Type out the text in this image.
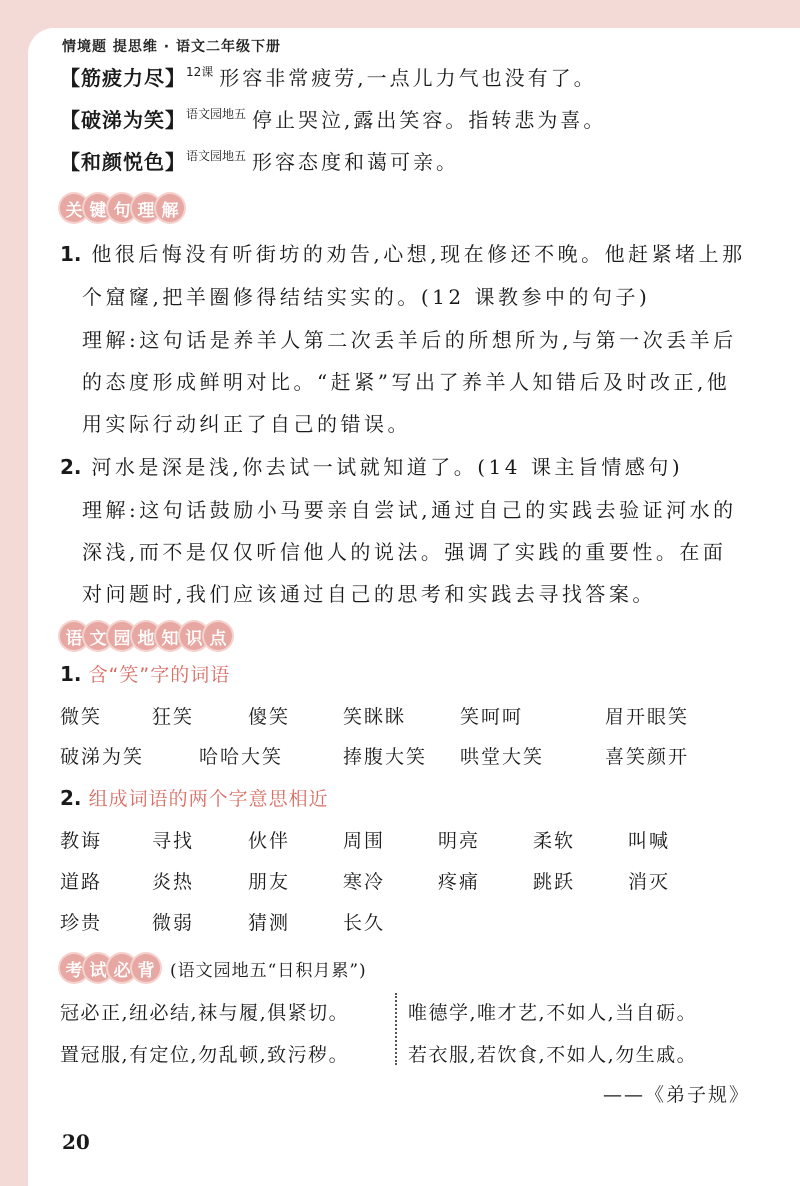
情境题 提思维 · 语文二年级下册
【筋疲力尽】$^{12课}$ 形容非常疲劳,一点儿力气也没有了。
【破涕为笑】$^{语文园地五}$ 停止哭泣,露出笑容。指转悲为喜。
【和颜悦色】$^{语文园地五}$ 形容态度和蔼可亲。
关 键 句 理 解
1. 他很后悔没有听街坊的劝告,心想,现在修还不晚。他赶紧堵上那
个窟窿,把羊圈修得结结实实的。(12 课教参中的句子)
理解:这句话是养羊人第二次丢羊后的所想所为,与第一次丢羊后
的态度形成鲜明对比。“赶紧”写出了养羊人知错后及时改正,他
用实际行动纠正了自己的错误。
2. 河水是深是浅,你去试一试就知道了。(14 课主旨情感句)
理解:这句话鼓励小马要亲自尝试,通过自己的实践去验证河水的
深浅,而不是仅仅听信他人的说法。强调了实践的重要性。在面
对问题时,我们应该通过自己的思考和实践去寻找答案。
语 文 园 地 知 识 点
1. 含“笑”字的词语
微笑	狂笑	傻笑	笑眯眯	笑呵呵	眉开眼笑
破涕为笑	哈哈大笑	捧腹大笑 哄堂大笑	喜笑颜开
2. 组成词语的两个字意思相近
教诲	寻找	伙伴	周围	明亮	柔软	叫喊
道路	炎热	朋友	寒冷	疼痛	跳跃	消灭
珍贵	微弱	猜测	长久
考 试 必 背 (语文园地五“日积月累”)
冠必正,纽必结,袜与履,俱紧切。
置冠服,有定位,勿乱顿,致污秽。
唯德学,唯才艺,不如人,当自砺。
若衣服,若饮食,不如人,勿生戚。
——《弟子规》
20
